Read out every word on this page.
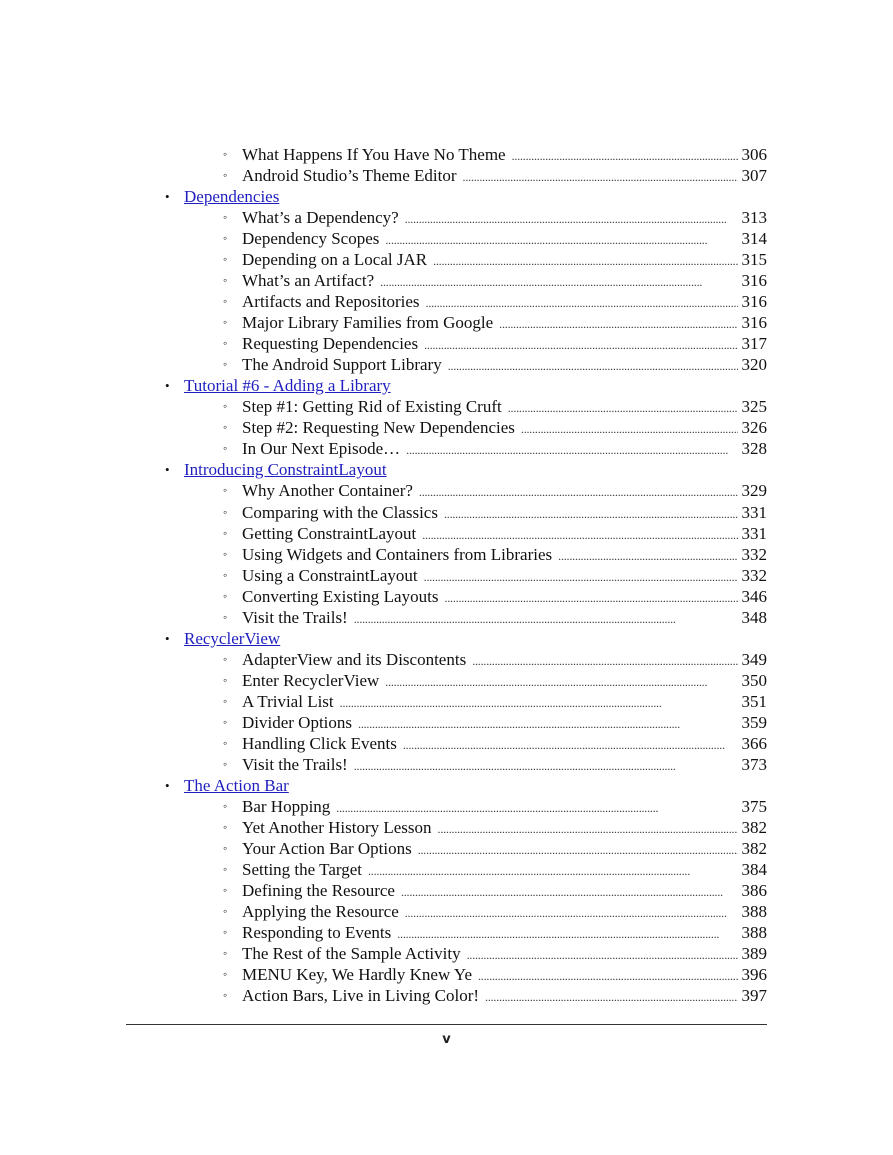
◦ What Happens If You Have No Theme . . .	306
◦ Android Studio’s Theme Editor . . .	307
• Dependencies
◦ What’s a Dependency? . . .	313
◦ Dependency Scopes . . .	314
◦ Depending on a Local JAR . . .	315
◦ What’s an Artifact? . . .	316
◦ Artifacts and Repositories . . .	316
◦ Major Library Families from Google . . .	316
◦ Requesting Dependencies . . .	317
◦ The Android Support Library . . .	320
• Tutorial #6 - Adding a Library
◦ Step #1: Getting Rid of Existing Cruft . . .	325
◦ Step #2: Requesting New Dependencies . . .	326
◦ In Our Next Episode… . . .	328
• Introducing ConstraintLayout
◦ Why Another Container? . . .	329
◦ Comparing with the Classics . . .	331
◦ Getting ConstraintLayout . . .	331
◦ Using Widgets and Containers from Libraries . . .	332
◦ Using a ConstraintLayout . . .	332
◦ Converting Existing Layouts . . .	346
◦ Visit the Trails! . . .	348
• RecyclerView
◦ AdapterView and its Discontents . . .	349
◦ Enter RecyclerView . . .	350
◦ A Trivial List . . .	351
◦ Divider Options . . .	359
◦ Handling Click Events . . .	366
◦ Visit the Trails! . . .	373
• The Action Bar
◦ Bar Hopping . . .	375
◦ Yet Another History Lesson . . .	382
◦ Your Action Bar Options . . .	382
◦ Setting the Target . . .	384
◦ Defining the Resource . . .	386
◦ Applying the Resource . . .	388
◦ Responding to Events . . .	388
◦ The Rest of the Sample Activity . . .	389
◦ MENU Key, We Hardly Knew Ye . . .	396
◦ Action Bars, Live in Living Color! . . .	397
v
